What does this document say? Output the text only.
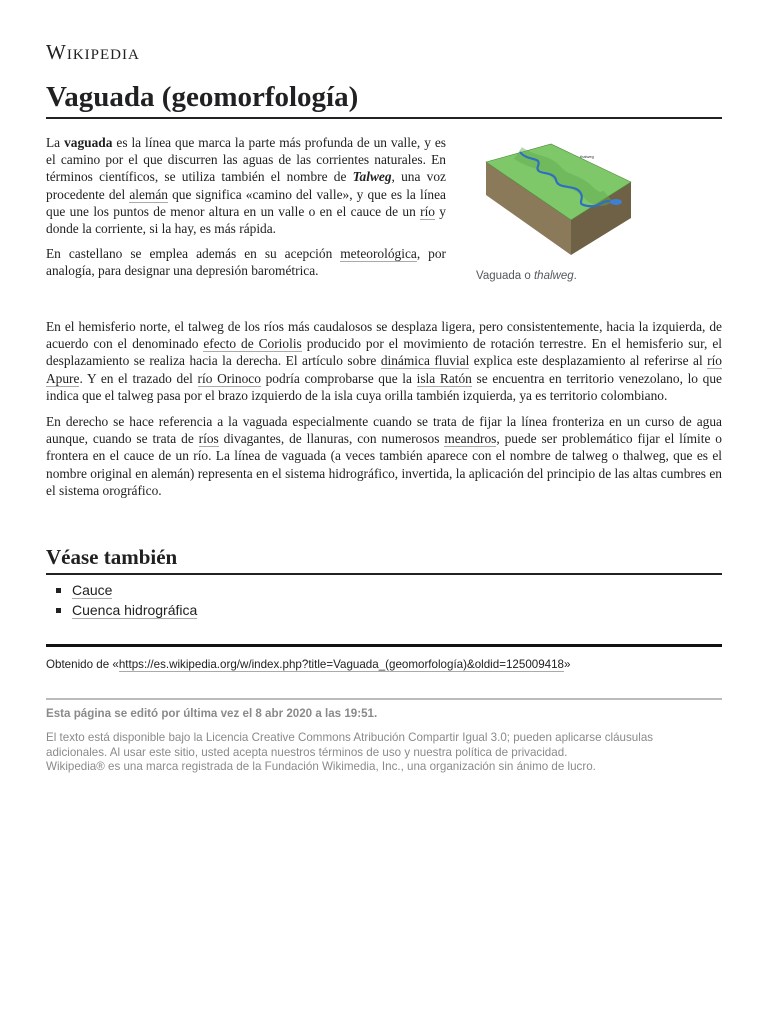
Wikipedia
Vaguada (geomorfología)

La vaguada es la línea que marca la parte más profunda de un valle, y es el camino por el que discurren las aguas de las corrientes naturales. En términos científicos, se utiliza también el nombre de Talweg, una voz procedente del alemán que significa «camino del valle», y que es la línea que une los puntos de menor altura en un valle o en el cauce de un río y donde la corriente, si la hay, es más rápida.

En castellano se emplea además en su acepción meteorológica, por analogía, para designar una depresión barométrica.

thalweg
Vaguada o thalweg.

En el hemisferio norte, el talweg de los ríos más caudalosos se desplaza ligera, pero consistentemente, hacia la izquierda, de acuerdo con el denominado efecto de Coriolis producido por el movimiento de rotación terrestre. En el hemisferio sur, el desplazamiento se realiza hacia la derecha. El artículo sobre dinámica fluvial explica este desplazamiento al referirse al río Apure. Y en el trazado del río Orinoco podría comprobarse que la isla Ratón se encuentra en territorio venezolano, lo que indica que el talweg pasa por el brazo izquierdo de la isla cuya orilla también izquierda, ya es territorio colombiano.

En derecho se hace referencia a la vaguada especialmente cuando se trata de fijar la línea fronteriza en un curso de agua aunque, cuando se trata de ríos divagantes, de llanuras, con numerosos meandros, puede ser problemático fijar el límite o frontera en el cauce de un río. La línea de vaguada (a veces también aparece con el nombre de talweg o thalweg, que es el nombre original en alemán) representa en el sistema hidrográfico, invertida, la aplicación del principio de las altas cumbres en el sistema orográfico.

Véase también
Cauce
Cuenca hidrográfica
Obtenido de «https://es.wikipedia.org/w/index.php?title=Vaguada_(geomorfología)&oldid=125009418»
Esta página se editó por última vez el 8 abr 2020 a las 19:51.
El texto está disponible bajo la Licencia Creative Commons Atribución Compartir Igual 3.0; pueden aplicarse cláusulas
adicionales. Al usar este sitio, usted acepta nuestros términos de uso y nuestra política de privacidad.
Wikipedia® es una marca registrada de la Fundación Wikimedia, Inc., una organización sin ánimo de lucro.
